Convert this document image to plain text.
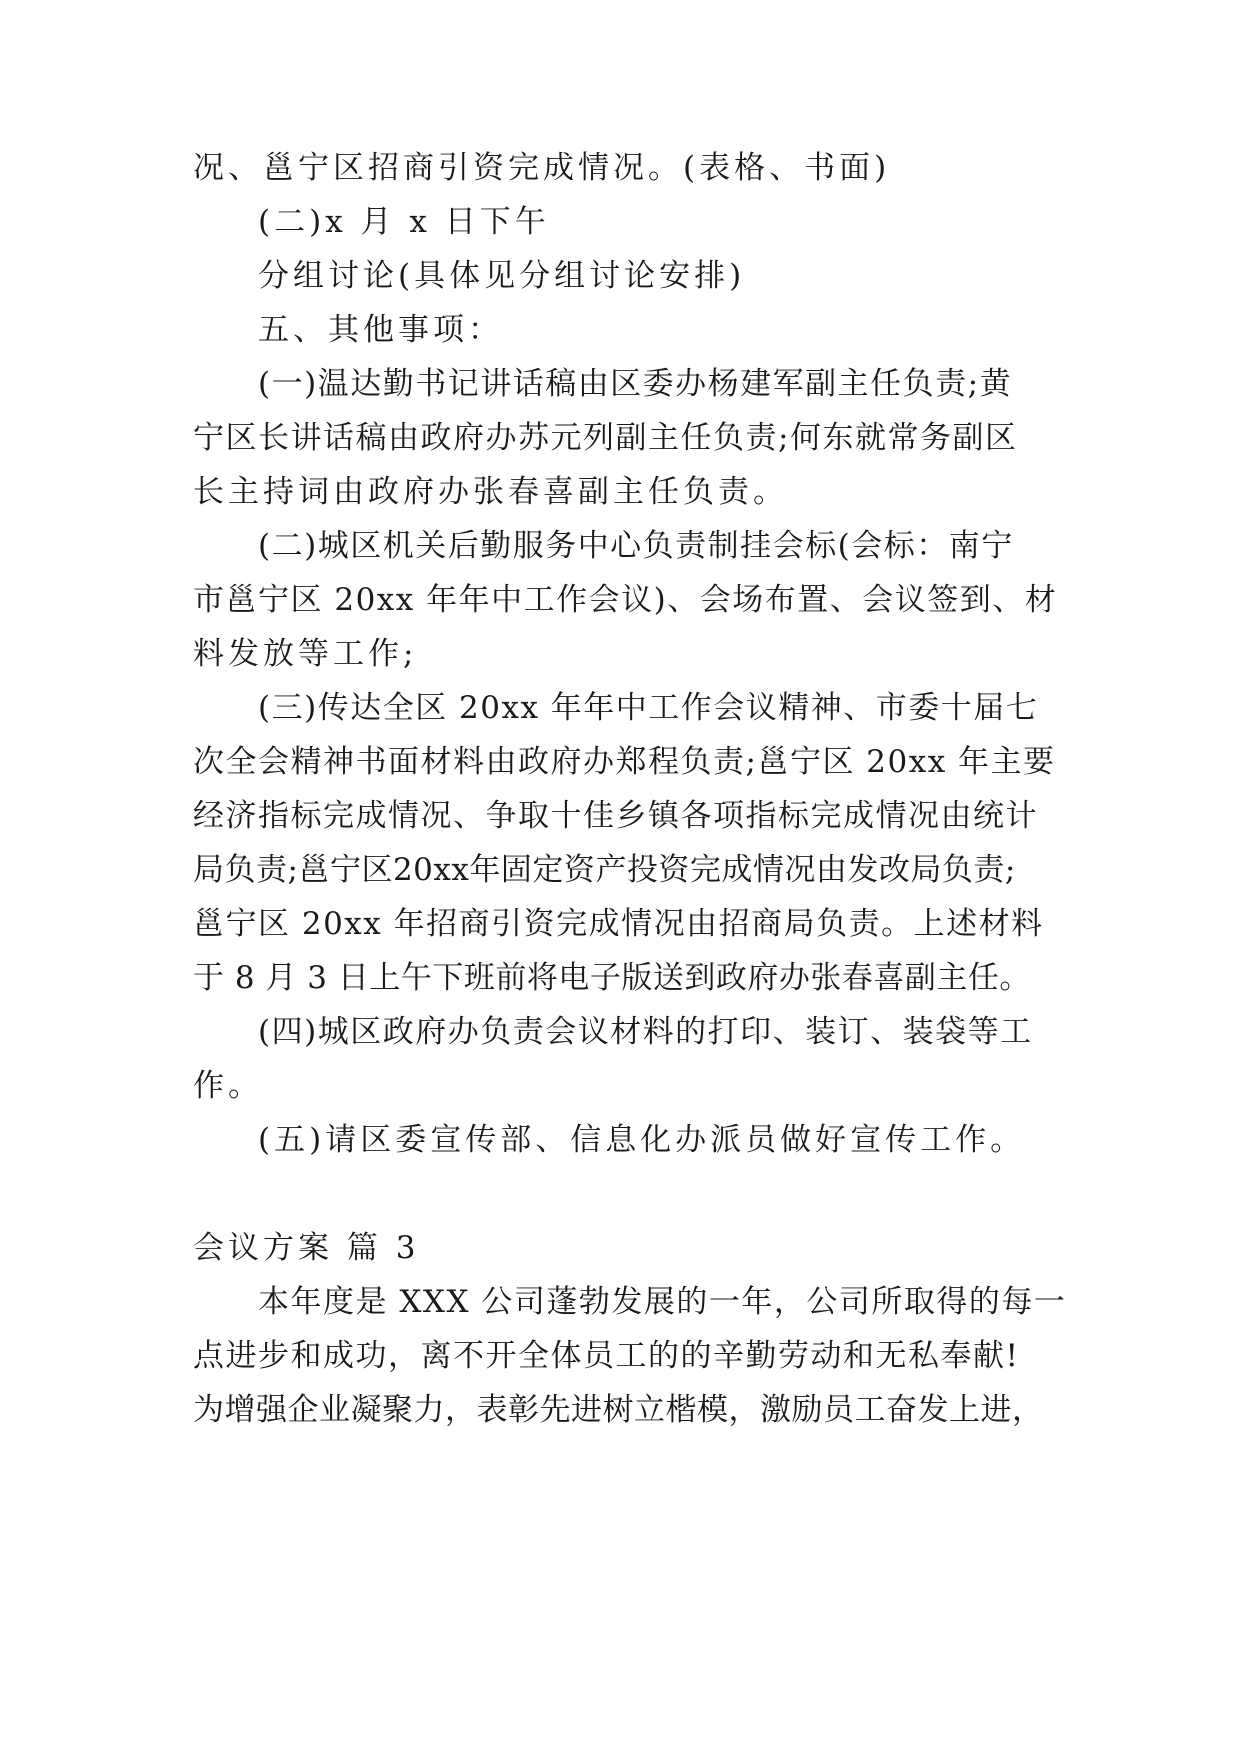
况、邕宁区招商引资完成情况。(表格、书面)
(二)x 月 x 日下午
分组讨论(具体见分组讨论安排)
五、其他事项：
(一)温达勤书记讲话稿由区委办杨建军副主任负责;黄
宁区长讲话稿由政府办苏元列副主任负责;何东就常务副区
长主持词由政府办张春喜副主任负责。
(二)城区机关后勤服务中心负责制挂会标(会标：南宁
市邕宁区 20xx 年年中工作会议)、会场布置、会议签到、材
料发放等工作;
(三)传达全区 20xx 年年中工作会议精神、市委十届七
次全会精神书面材料由政府办郑程负责;邕宁区 20xx 年主要
经济指标完成情况、争取十佳乡镇各项指标完成情况由统计
局负责;邕宁区20xx年固定资产投资完成情况由发改局负责;
邕宁区 20xx 年招商引资完成情况由招商局负责。上述材料
于 8 月 3 日上午下班前将电子版送到政府办张春喜副主任。
(四)城区政府办负责会议材料的打印、装订、装袋等工
作。
(五)请区委宣传部、信息化办派员做好宣传工作。
会议方案 篇 3
本年度是 XXX 公司蓬勃发展的一年，公司所取得的每一
点进步和成功，离不开全体员工的的辛勤劳动和无私奉献!
为增强企业凝聚力，表彰先进树立楷模，激励员工奋发上进，
